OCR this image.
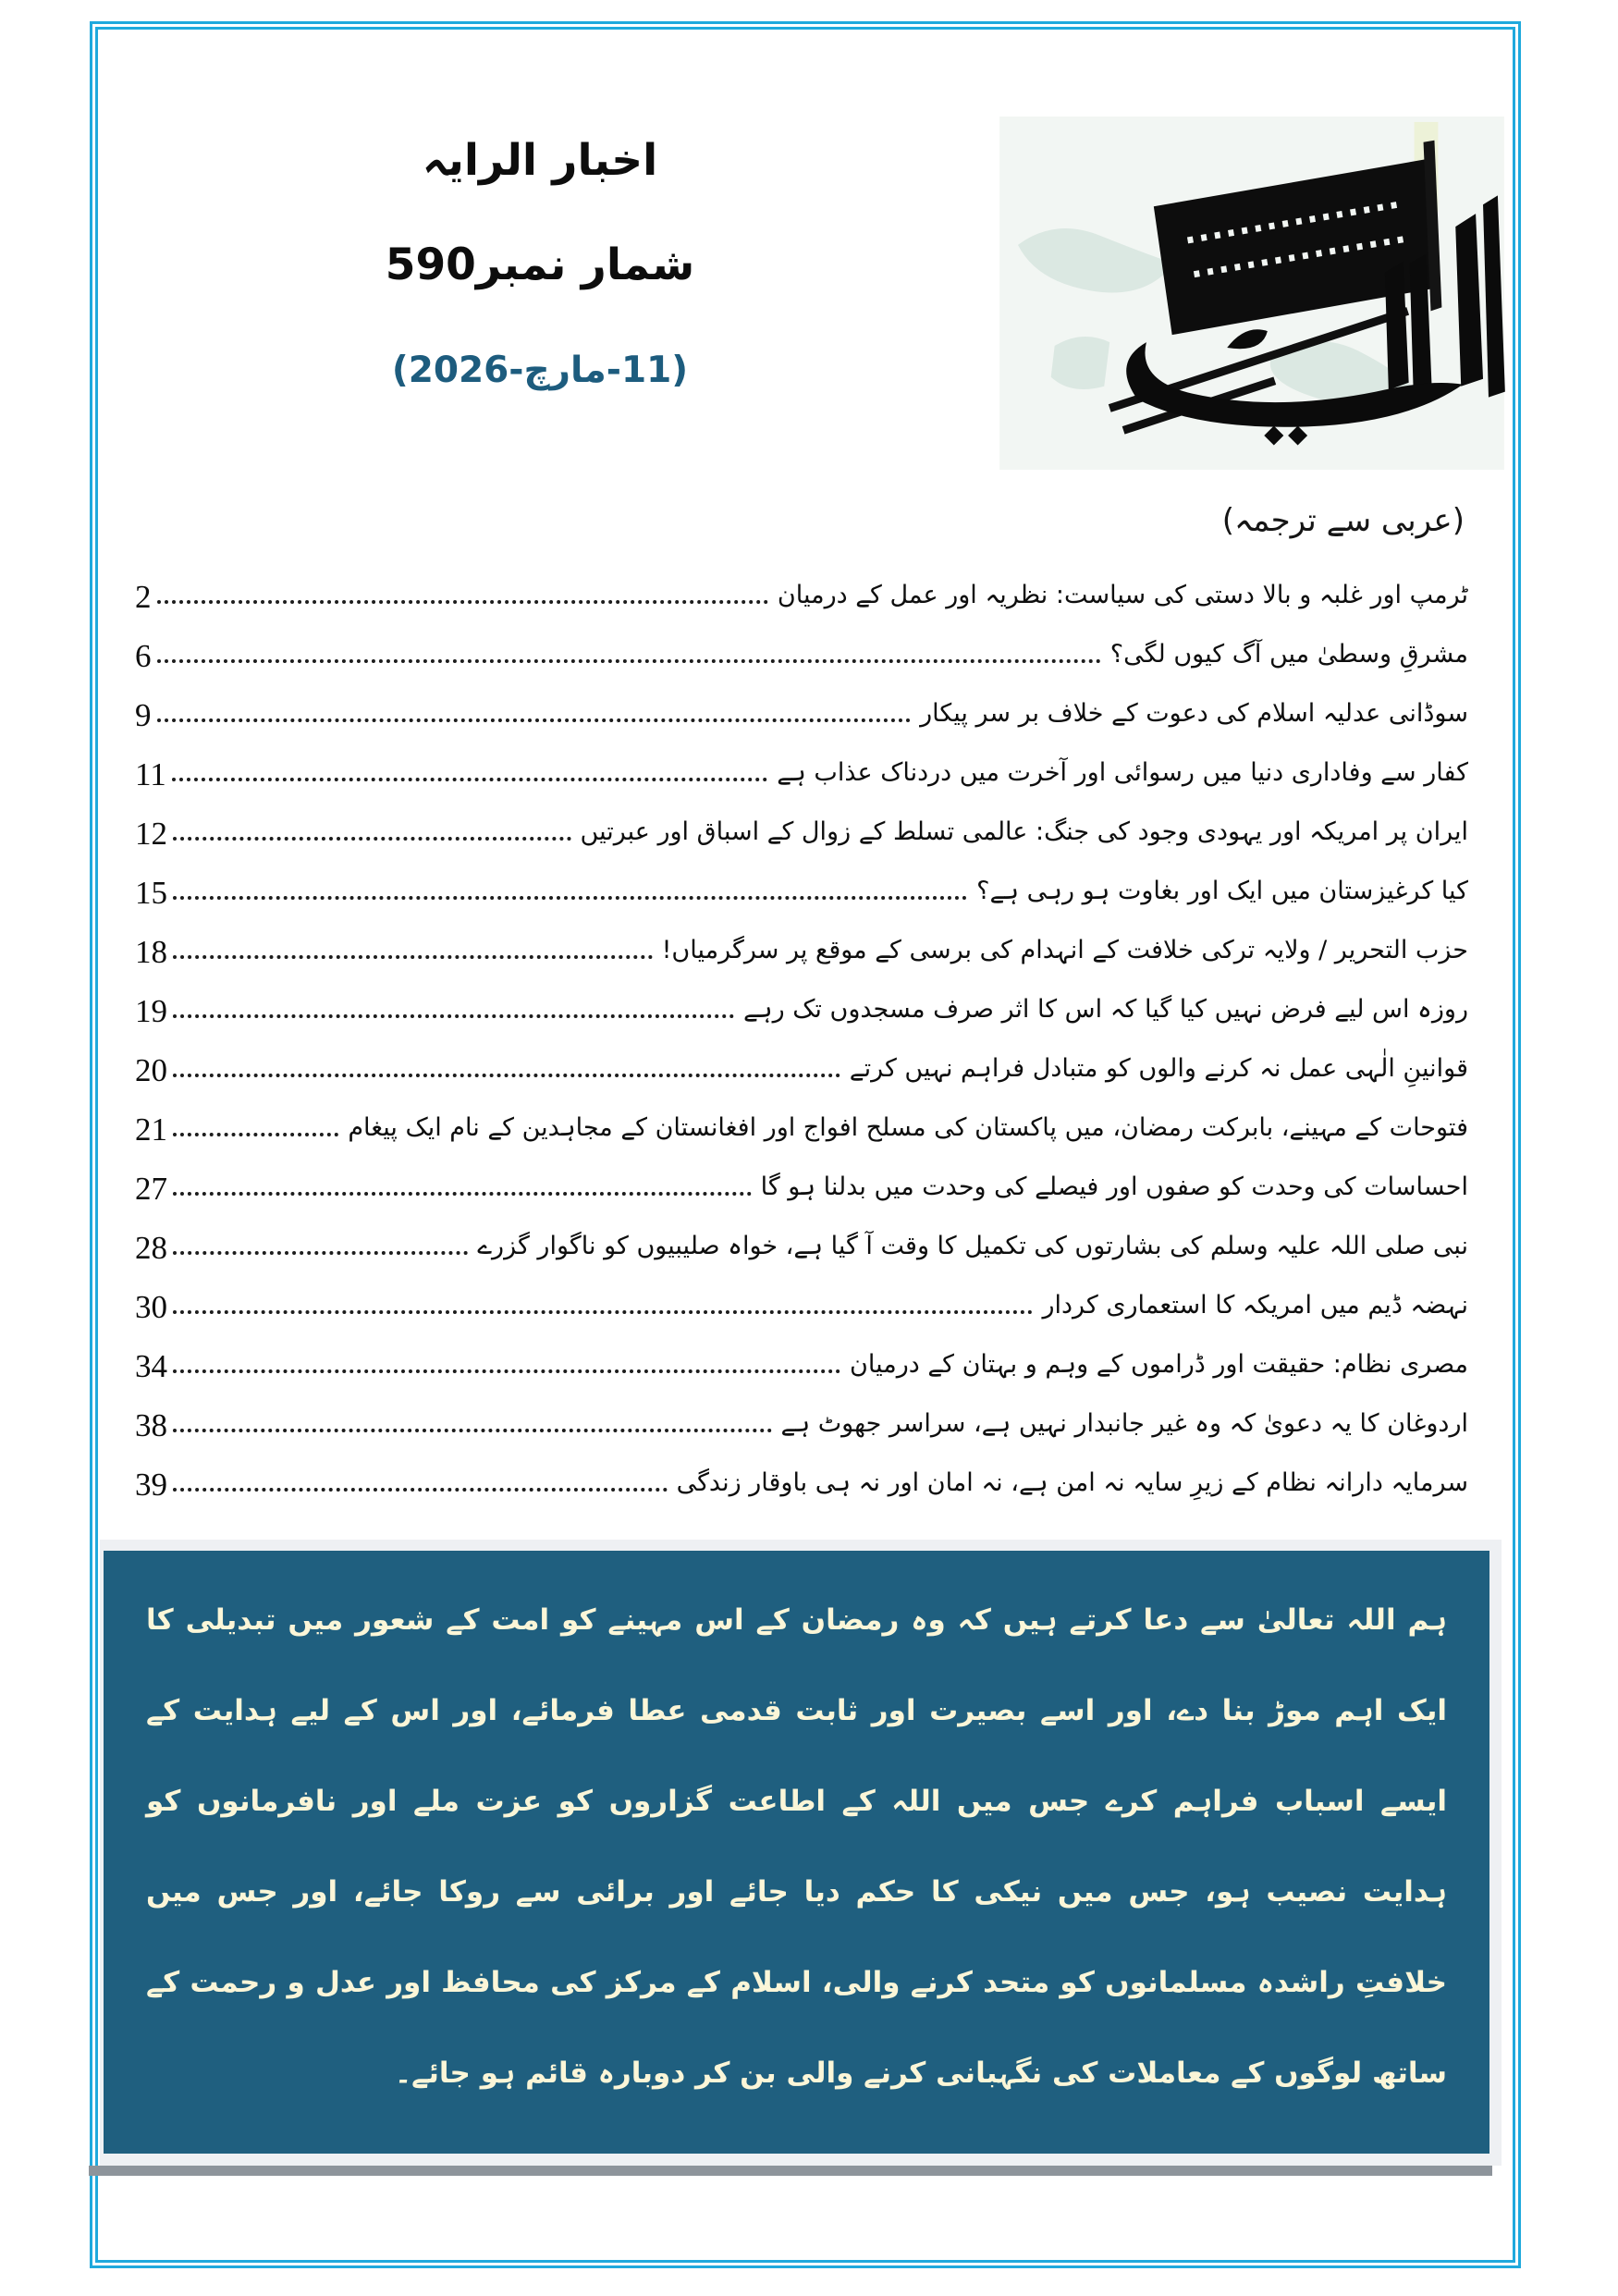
اخبار الرایہ
شمار نمبر590
(11-مارچ-2026)
(عربی سے ترجمہ)
ٹرمپ اور غلبہ و بالا دستی کی سیاست: نظریہ اور عمل کے درمیان
2
مشرقِ وسطیٰ میں آگ کیوں لگی؟
6
سوڈانی عدلیہ اسلام کی دعوت کے خلاف بر سر پیکار
9
کفار سے وفاداری دنیا میں رسوائی اور آخرت میں دردناک عذاب ہے
11
ایران پر امریکہ اور یہودی وجود کی جنگ: عالمی تسلط کے زوال کے اسباق اور عبرتیں
12
کیا کرغیزستان میں ایک اور بغاوت ہو رہی ہے؟
15
حزب التحریر / ولایہ ترکی خلافت کے انہدام کی برسی کے موقع پر سرگرمیاں!
18
روزہ اس لیے فرض نہیں کیا گیا کہ اس کا اثر صرف مسجدوں تک رہے
19
قوانینِ الٰہی عمل نہ کرنے والوں کو متبادل فراہم نہیں کرتے
20
فتوحات کے مہینے، بابرکت رمضان، میں پاکستان کی مسلح افواج اور افغانستان کے مجاہدین کے نام ایک پیغام
21
احساسات کی وحدت کو صفوں اور فیصلے کی وحدت میں بدلنا ہو گا
27
نبی صلی اللہ علیہ وسلم کی بشارتوں کی تکمیل کا وقت آ گیا ہے، خواہ صلیبیوں کو ناگوار گزرے
28
نہضہ ڈیم میں امریکہ کا استعماری کردار
30
مصری نظام: حقیقت اور ڈراموں کے وہم و بہتان کے درمیان
34
اردوغان کا یہ دعویٰ کہ وہ غیر جانبدار نہیں ہے، سراسر جھوٹ ہے
38
سرمایہ دارانہ نظام کے زیرِ سایہ نہ امن ہے، نہ امان اور نہ ہی باوقار زندگی
39
ہم اللہ تعالیٰ سے دعا کرتے ہیں کہ وہ رمضان کے اس مہینے کو امت کے شعور میں تبدیلی کا ایک اہم موڑ بنا دے، اور اسے بصیرت اور ثابت قدمی عطا فرمائے، اور اس کے لیے ہدایت کے ایسے اسباب فراہم کرے جس میں اللہ کے اطاعت گزاروں کو عزت ملے اور نافرمانوں کو ہدایت نصیب ہو، جس میں نیکی کا حکم دیا جائے اور برائی سے روکا جائے، اور جس میں خلافتِ راشدہ مسلمانوں کو متحد کرنے والی، اسلام کے مرکز کی محافظ اور عدل و رحمت کے ساتھ لوگوں کے معاملات کی نگہبانی کرنے والی بن کر دوبارہ قائم ہو جائے۔
